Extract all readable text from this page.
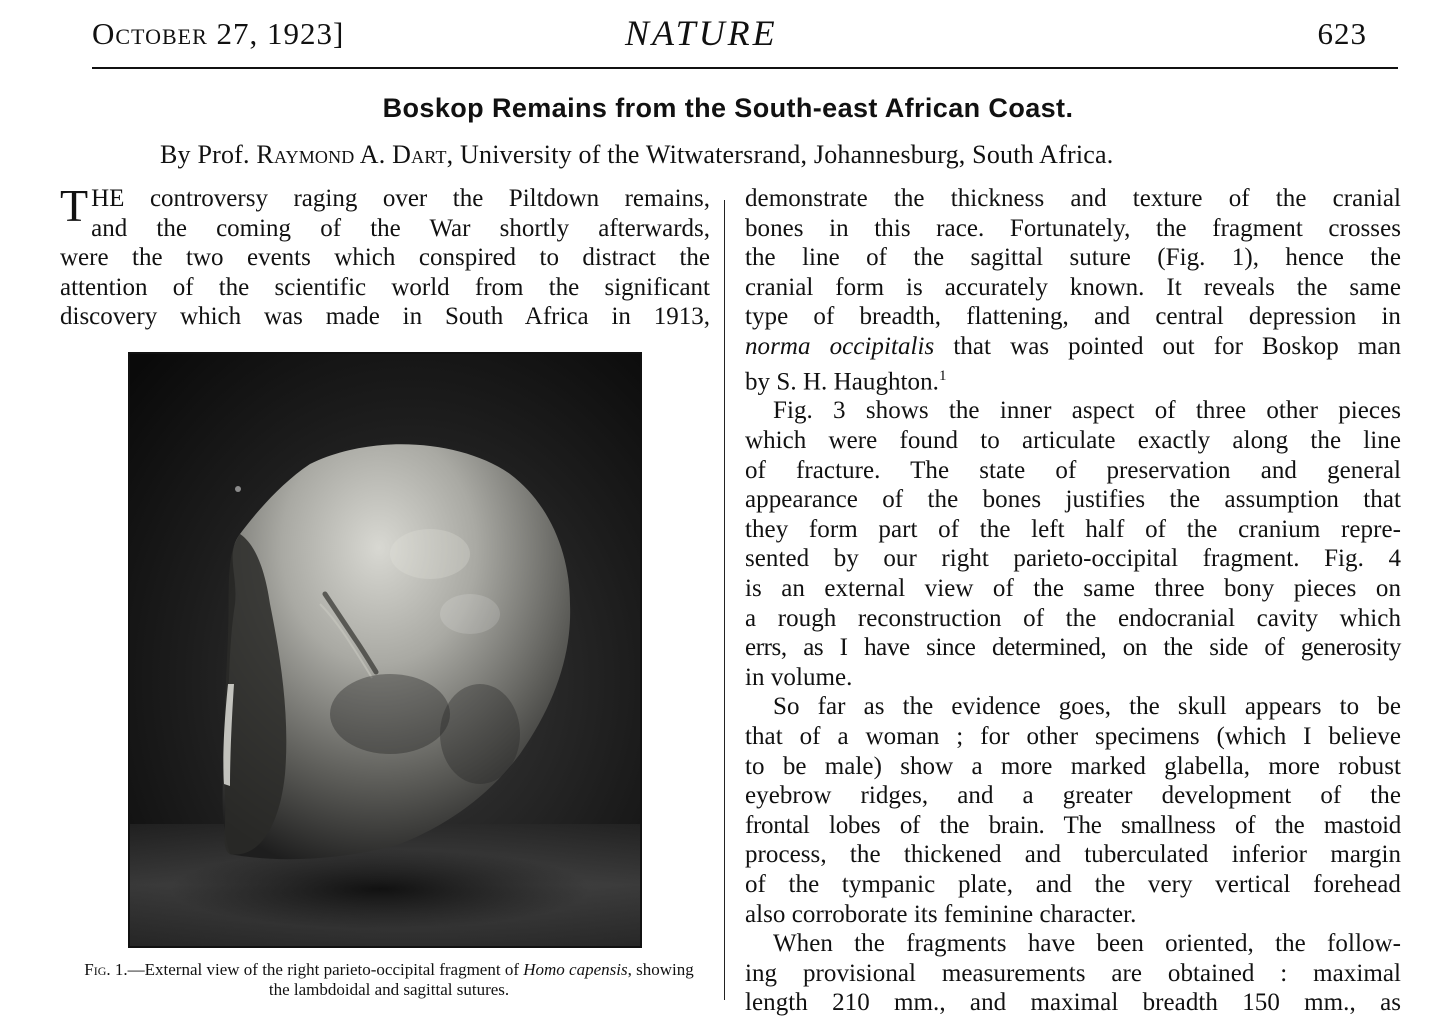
October 27, 1923]	NATURE	623
Boskop Remains from the South-east African Coast.
By Prof. Raymond A. Dart, University of the Witwatersrand, Johannesburg, South Africa.
T HE controversy raging over the Piltdown remains,
and the coming of the War shortly afterwards,
were the two events which conspired to distract the
attention of the scientific world from the significant
discovery which was made in South Africa in 1913,
Fig. 1.—External view of the right parieto-occipital fragment of Homo capensis, showing the lambdoidal and sagittal sutures.
demonstrate the thickness and texture of the cranial
bones in this race. Fortunately, the fragment crosses
the line of the sagittal suture (Fig. 1), hence the
cranial form is accurately known. It reveals the same
type of breadth, flattening, and central depression in
norma occipitalis that was pointed out for Boskop man
by S. H. Haughton.$^1$
Fig. 3 shows the inner aspect of three other pieces
which were found to articulate exactly along the line
of fracture. The state of preservation and general
appearance of the bones justifies the assumption that
they form part of the left half of the cranium repre-
sented by our right parieto-occipital fragment. Fig. 4
is an external view of the same three bony pieces on
a rough reconstruction of the endocranial cavity which
errs, as I have since determined, on the side of generosity
in volume.
So far as the evidence goes, the skull appears to be
that of a woman ; for other specimens (which I believe
to be male) show a more marked glabella, more robust
eyebrow ridges, and a greater development of the
frontal lobes of the brain. The smallness of the mastoid
process, the thickened and tuberculated inferior margin
of the tympanic plate, and the very vertical forehead
also corroborate its feminine character.
When the fragments have been oriented, the follow-
ing provisional measurements are obtained : maximal
length 210 mm., and maximal breadth 150 mm., as
